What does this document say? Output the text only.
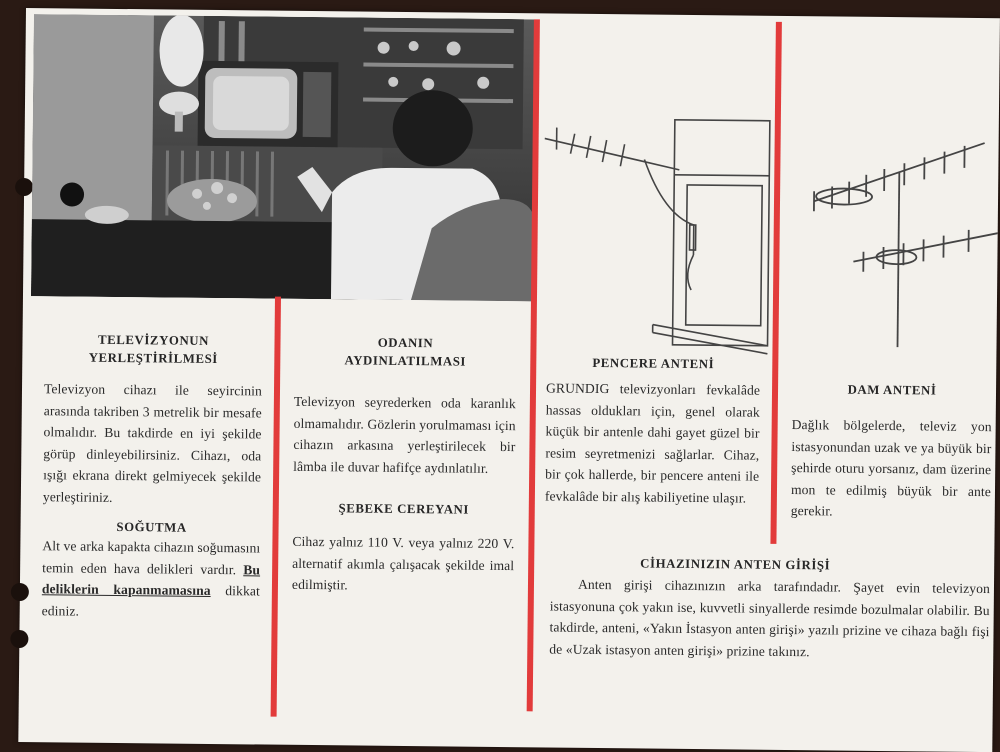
TELEVİZYONUN
YERLEŞTİRİLMESİ

Televizyon cihazı ile seyircinin arasında takriben 3 metrelik bir mesafe olmalıdır. Bu takdirde en iyi şekilde görüp dinleyebilirsiniz. Cihazı, oda ışığı ekrana direkt gelmiyecek şekilde yerleştiriniz.

SOĞUTMA

Alt ve arka kapakta cihazın soğumasını temin eden hava delikleri vardır. Bu deliklerin kapanmamasına dikkat ediniz.

ODANIN
AYDINLATILMASI

Televizyon seyrederken oda karanlık olmamalıdır. Gözlerin yorulmaması için cihazın arkasına yerleştirilecek bir lâmba ile duvar hafifçe aydınlatılır.

ŞEBEKE CEREYANI

Cihaz yalnız 110 V. veya yalnız 220 V. alternatif akımla çalışacak şekilde imal edilmiştir.

PENCERE ANTENİ

GRUNDIG televizyonları fevkalâde hassas oldukları için, genel olarak küçük bir antenle dahi gayet güzel bir resim seyretmenizi sağlarlar. Cihaz, bir çok hallerde, bir pencere anteni ile fevkalâde bir alış kabiliyetine ulaşır.

DAM ANTENİ

Dağlık bölgelerde, televiz yon istasyonundan uzak ve ya büyük bir şehirde oturu yorsanız, dam üzerine mon te edilmiş büyük bir ante gerekir.

CİHAZINIZIN ANTEN GİRİŞİ

Anten girişi cihazınızın arka tarafındadır. Şayet evin televizyon istasyonuna çok yakın ise, kuvvetli sinyallerde resimde bozulmalar olabilir. Bu takdirde, anteni, «Yakın İstasyon anten girişi» yazılı prizine ve cihaza bağlı fişi de «Uzak istasyon anten girişi» prizine takınız.
